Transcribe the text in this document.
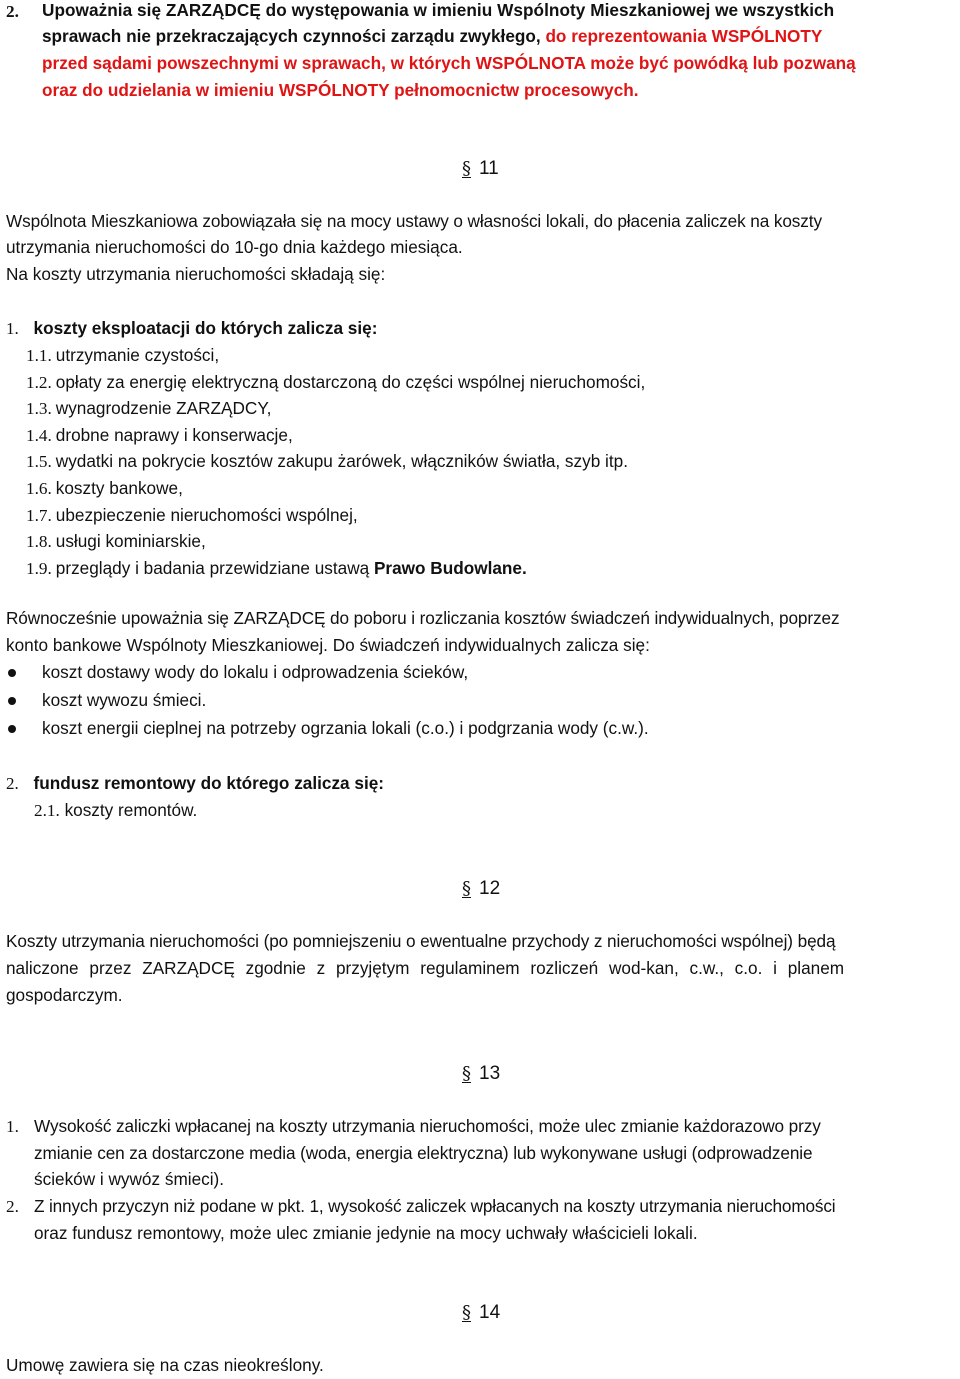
2. Upoważnia się ZARZĄDCĘ do występowania w imieniu Wspólnoty Mieszkaniowej we wszystkich
sprawach nie przekraczających czynności zarządu zwykłego, do reprezentowania WSPÓLNOTY
przed sądami powszechnymi w sprawach, w których WSPÓLNOTA może być powódką lub pozwaną
oraz do udzielania w imieniu WSPÓLNOTY pełnomocnictw procesowych.
§ 11
Wspólnota Mieszkaniowa zobowiązała się na mocy ustawy o własności lokali, do płacenia zaliczek na koszty
utrzymania nieruchomości do 10-go dnia każdego miesiąca.
Na koszty utrzymania nieruchomości składają się:
1. koszty eksploatacji do których zalicza się:
1.1. utrzymanie czystości,
1.2. opłaty za energię elektryczną dostarczoną do części wspólnej nieruchomości,
1.3. wynagrodzenie ZARZĄDCY,
1.4. drobne naprawy i konserwacje,
1.5. wydatki na pokrycie kosztów zakupu żarówek, włączników światła, szyb itp.
1.6. koszty bankowe,
1.7. ubezpieczenie nieruchomości wspólnej,
1.8. usługi kominiarskie,
1.9. przeglądy i badania przewidziane ustawą Prawo Budowlane.
Równocześnie upoważnia się ZARZĄDCĘ do poboru i rozliczania kosztów świadczeń indywidualnych, poprzez
konto bankowe Wspólnoty Mieszkaniowej. Do świadczeń indywidualnych zalicza się:
koszt dostawy wody do lokalu i odprowadzenia ścieków,
koszt wywozu śmieci.
koszt energii cieplnej na potrzeby ogrzania lokali (c.o.) i podgrzania wody (c.w.).
2. fundusz remontowy do którego zalicza się:
2.1. koszty remontów.
§ 12
Koszty utrzymania nieruchomości (po pomniejszeniu o ewentualne przychody z nieruchomości wspólnej) będą
naliczone przez ZARZĄDCĘ zgodnie z przyjętym regulaminem rozliczeń wod-kan, c.w., c.o. i planem
gospodarczym.
§ 13
1. Wysokość zaliczki wpłacanej na koszty utrzymania nieruchomości, może ulec zmianie każdorazowo przy
zmianie cen za dostarczone media (woda, energia elektryczna) lub wykonywane usługi (odprowadzenie
ścieków i wywóz śmieci).
2. Z innych przyczyn niż podane w pkt. 1, wysokość zaliczek wpłacanych na koszty utrzymania nieruchomości
oraz fundusz remontowy, może ulec zmianie jedynie na mocy uchwały właścicieli lokali.
§ 14
Umowę zawiera się na czas nieokreślony.
